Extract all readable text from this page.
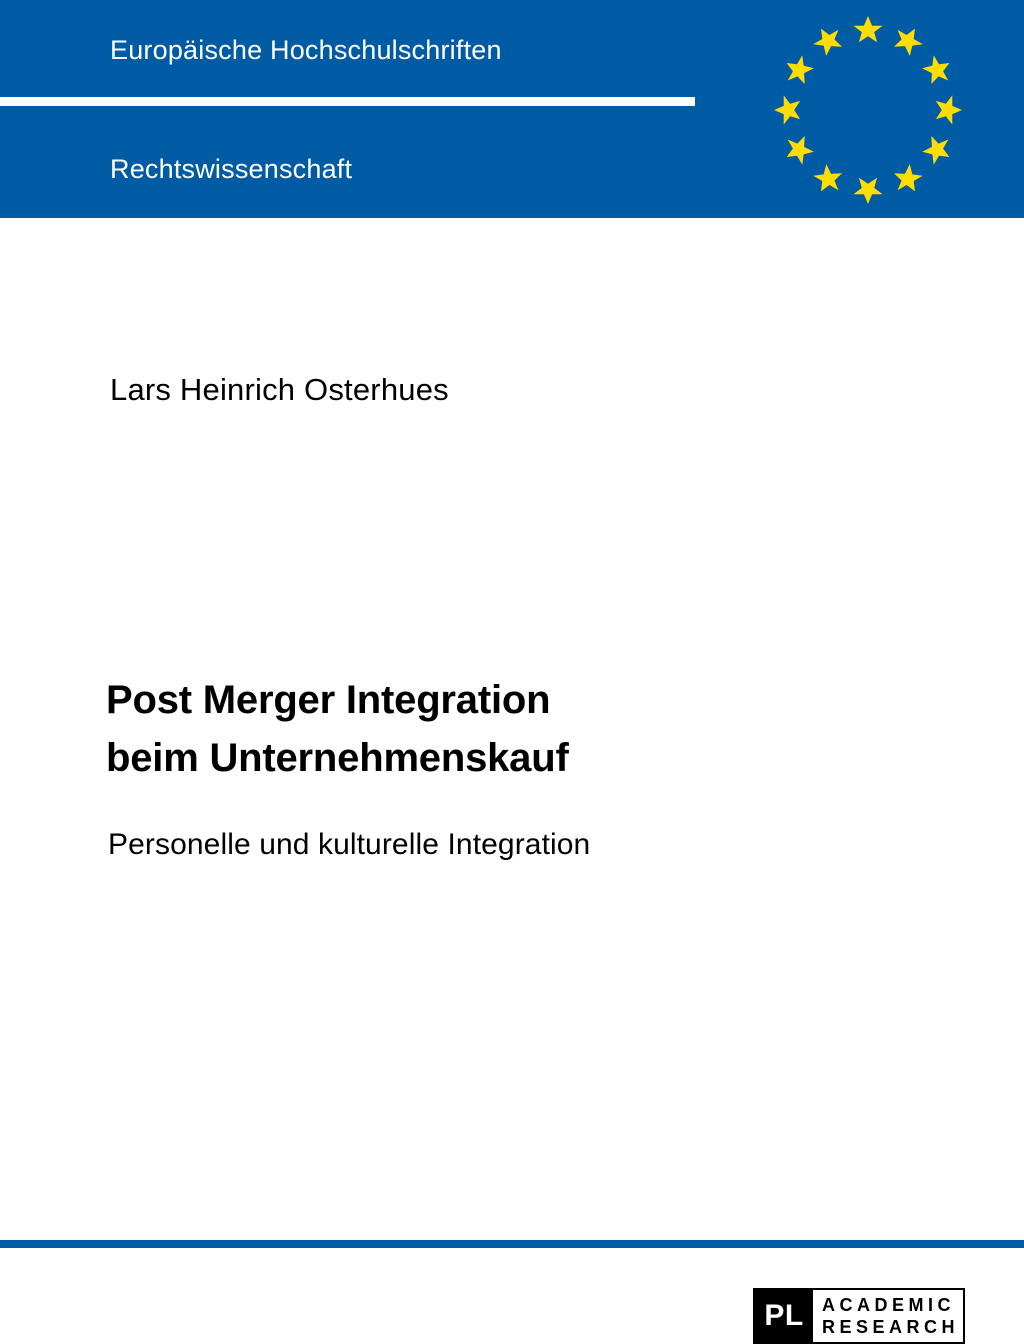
Europäische Hochschulschriften
Rechtswissenschaft
Lars Heinrich Osterhues
Post Merger Integration
beim Unternehmenskauf
Personelle und kulturelle Integration
PL	ACADEMIC
RESEARCH
